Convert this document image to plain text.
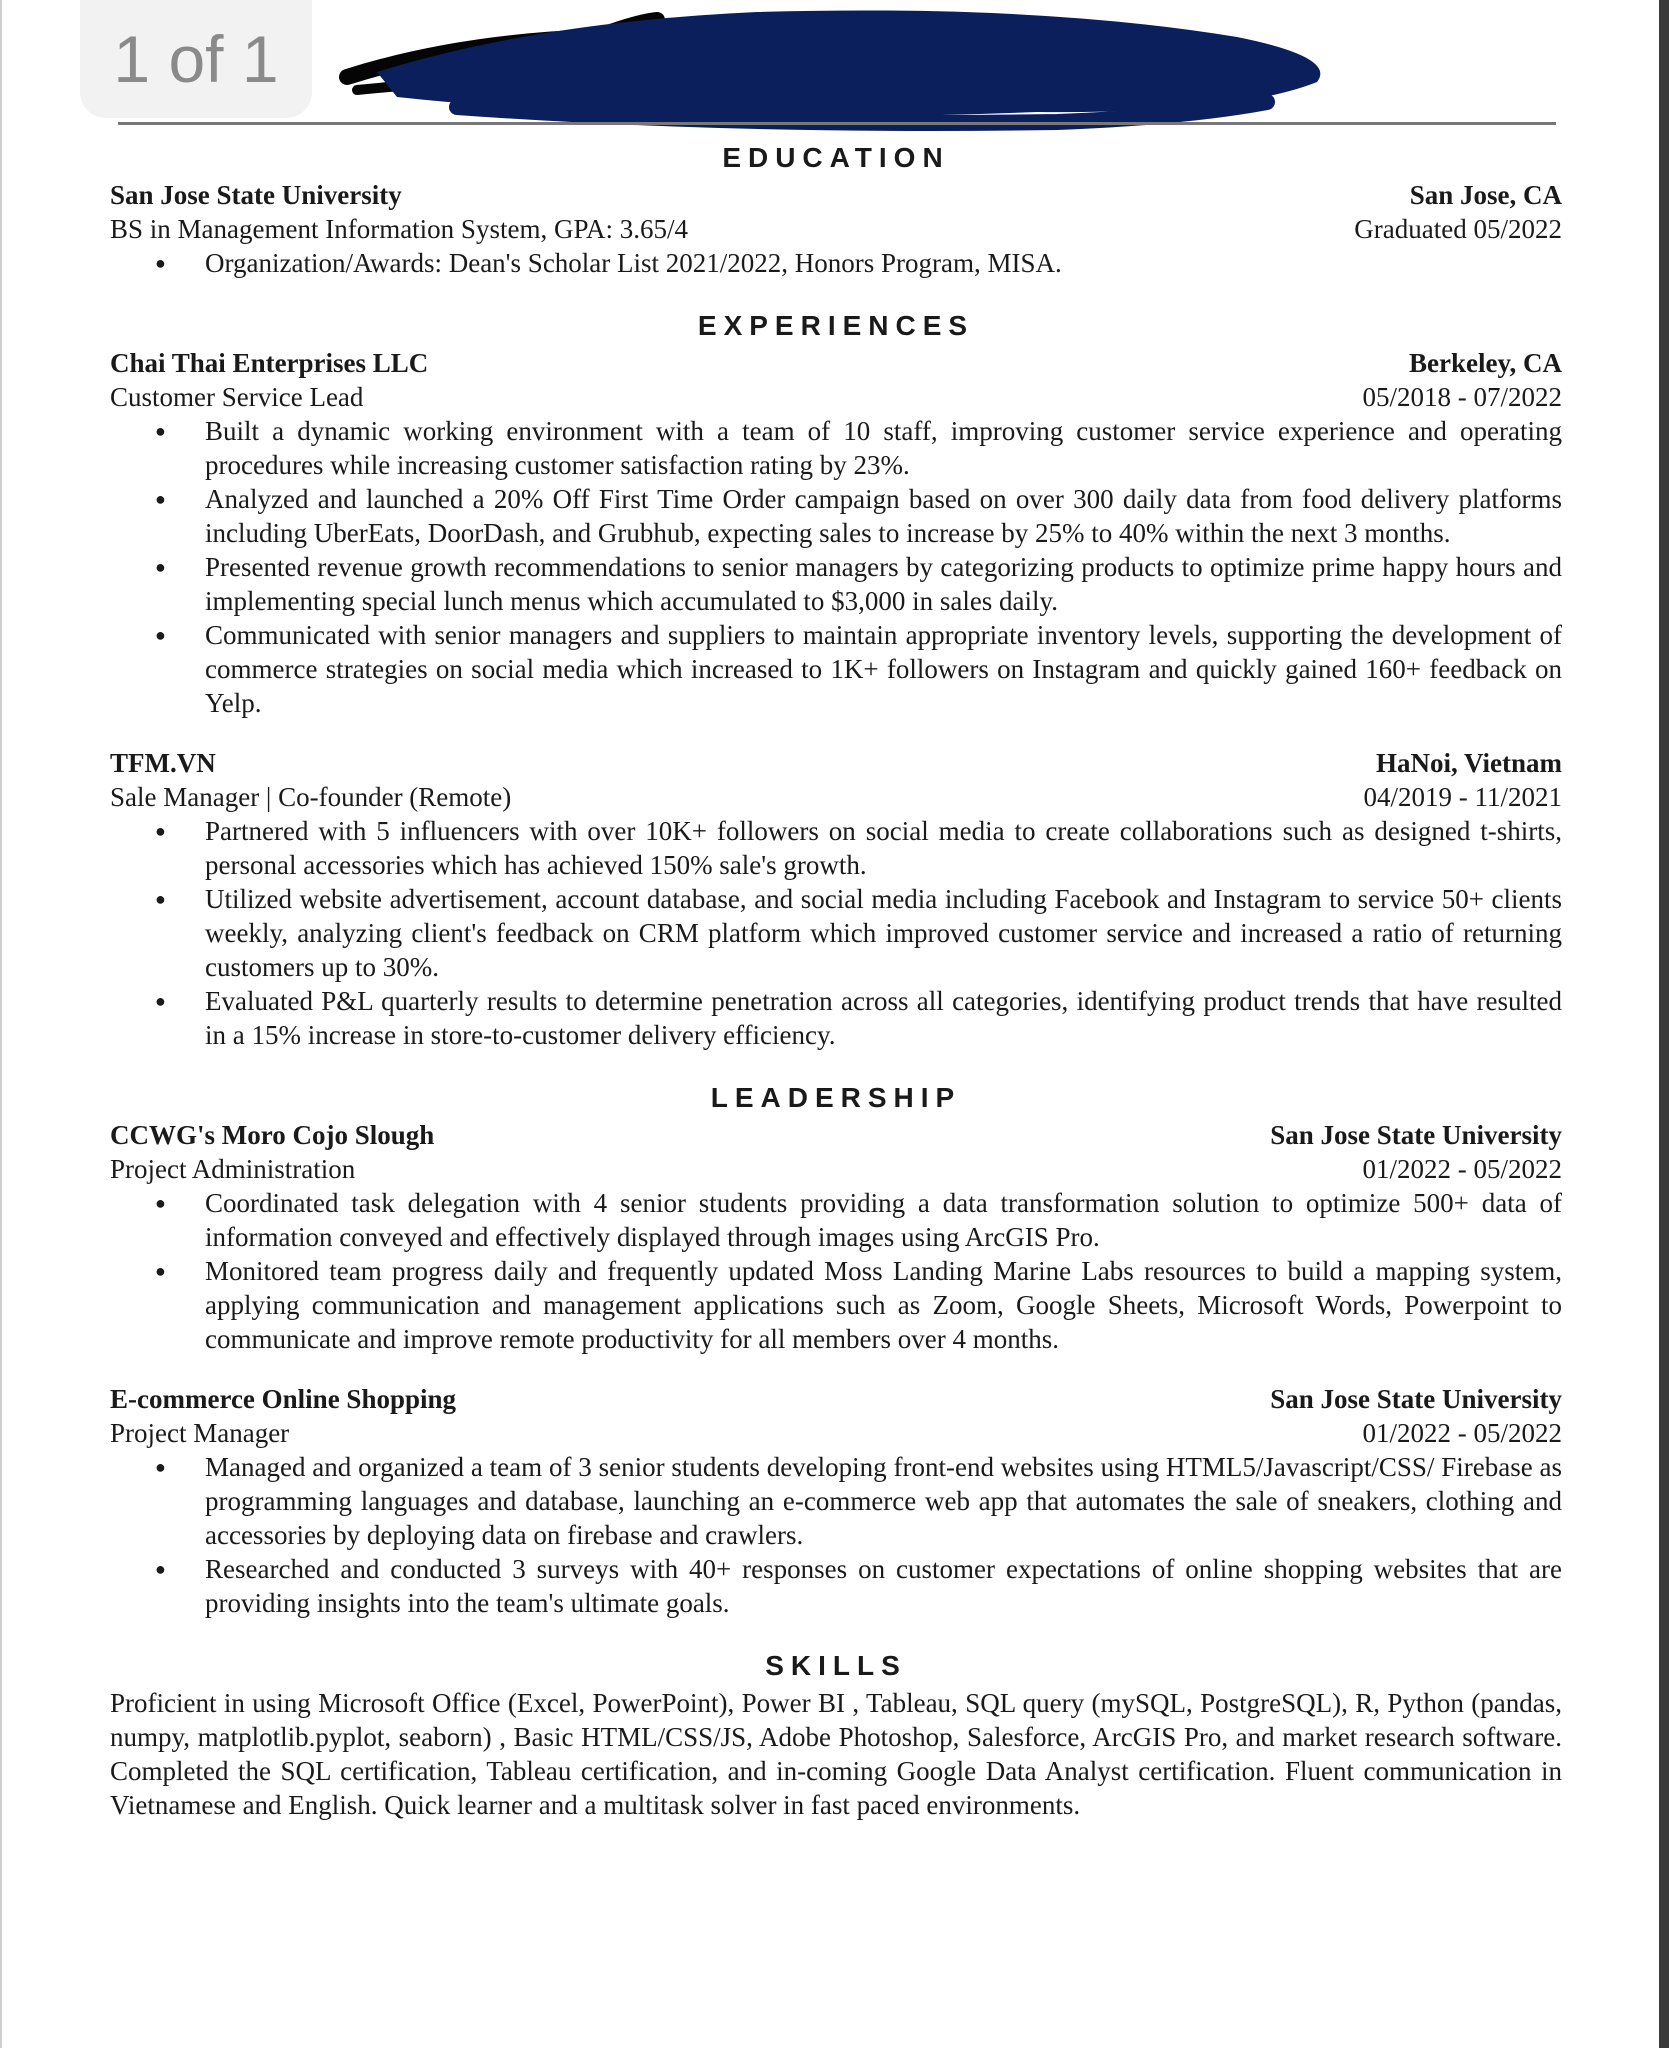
1 of 1
EDUCATION
San Jose State University	San Jose, CA
BS in Management Information System, GPA: 3.65/4	Graduated 05/2022
● Organization/Awards: Dean's Scholar List 2021/2022, Honors Program, MISA.
EXPERIENCES
Chai Thai Enterprises LLC	Berkeley, CA
Customer Service Lead	05/2018 - 07/2022
● Built a dynamic working environment with a team of 10 staff, improving customer service experience and operating procedures while increasing customer satisfaction rating by 23%.
● Analyzed and launched a 20% Off First Time Order campaign based on over 300 daily data from food delivery platforms including UberEats, DoorDash, and Grubhub, expecting sales to increase by 25% to 40% within the next 3 months.
● Presented revenue growth recommendations to senior managers by categorizing products to optimize prime happy hours and implementing special lunch menus which accumulated to $3,000 in sales daily.
● Communicated with senior managers and suppliers to maintain appropriate inventory levels, supporting the development of commerce strategies on social media which increased to 1K+ followers on Instagram and quickly gained 160+ feedback on Yelp.
TFM.VN	HaNoi, Vietnam
Sale Manager | Co-founder (Remote)	04/2019 - 11/2021
● Partnered with 5 influencers with over 10K+ followers on social media to create collaborations such as designed t-shirts, personal accessories which has achieved 150% sale's growth.
● Utilized website advertisement, account database, and social media including Facebook and Instagram to service 50+ clients weekly, analyzing client's feedback on CRM platform which improved customer service and increased a ratio of returning customers up to 30%.
● Evaluated P&L quarterly results to determine penetration across all categories, identifying product trends that have resulted in a 15% increase in store-to-customer delivery efficiency.
LEADERSHIP
CCWG's Moro Cojo Slough	San Jose State University
Project Administration	01/2022 - 05/2022
● Coordinated task delegation with 4 senior students providing a data transformation solution to optimize 500+ data of information conveyed and effectively displayed through images using ArcGIS Pro.
● Monitored team progress daily and frequently updated Moss Landing Marine Labs resources to build a mapping system, applying communication and management applications such as Zoom, Google Sheets, Microsoft Words, Powerpoint to communicate and improve remote productivity for all members over 4 months.
E-commerce Online Shopping	San Jose State University
Project Manager	01/2022 - 05/2022
● Managed and organized a team of 3 senior students developing front-end websites using HTML5/Javascript/CSS/ Firebase as programming languages and database, launching an e-commerce web app that automates the sale of sneakers, clothing and accessories by deploying data on firebase and crawlers.
● Researched and conducted 3 surveys with 40+ responses on customer expectations of online shopping websites that are providing insights into the team's ultimate goals.
SKILLS

Proficient in using Microsoft Office (Excel, PowerPoint), Power BI , Tableau, SQL query (mySQL, PostgreSQL), R, Python (pandas, numpy, matplotlib.pyplot, seaborn) , Basic HTML/CSS/JS, Adobe Photoshop, Salesforce, ArcGIS Pro, and market research software. Completed the SQL certification, Tableau certification, and in-coming Google Data Analyst certification. Fluent communication in Vietnamese and English. Quick learner and a multitask solver in fast paced environments.
